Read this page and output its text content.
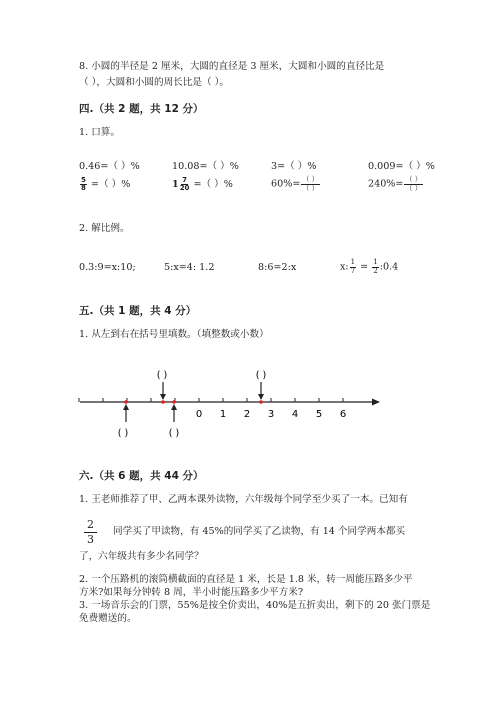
8. 小圆的半径是 2 厘米，大圆的直径是 3 厘米，大圆和小圆的直径比是
（ ），大圆和小圆的周长比是（ ）。
四.（共 2 题，共 12 分）
1. 口算。
0.46=（ ）%	10.08=（ ）%	3=（ ）%	0.009=（ ）%
$\frac{5}{8}$ =（ ）%	$1 \frac{7}{20}$ =（ ）%	$60\%= \frac{( )}{( )}$	$240\%= \frac{( )}{( )}$
2. 解比例。
0.3:9=x:10;	5:x=4: 1.2	8:6=2:x	x: $\frac{1}{7} = \frac{1}{2}$ :0.4
五.（共 1 题，共 4 分）
1. 从左到右在括号里填数。（填整数或小数）
0 1 2 3 4 5 6
( )	( )
( )	( )
六.（共 6 题，共 44 分）
1. 王老师推荐了甲、乙两本课外读物，六年级每个同学至少买了一本。已知有
2
3
同学买了甲读物，有 45%的同学买了乙读物，有 14 个同学两本都买
了，六年级共有多少名同学？
2. 一个压路机的滚筒横截面的直径是 1 米，长是 1.8 米，转一周能压路多少平
方米?如果每分钟转 8 周，半小时能压路多少平方米?
3. 一场音乐会的门票，55%是按全价卖出，40%是五折卖出，剩下的 20 张门票是
免费赠送的。
